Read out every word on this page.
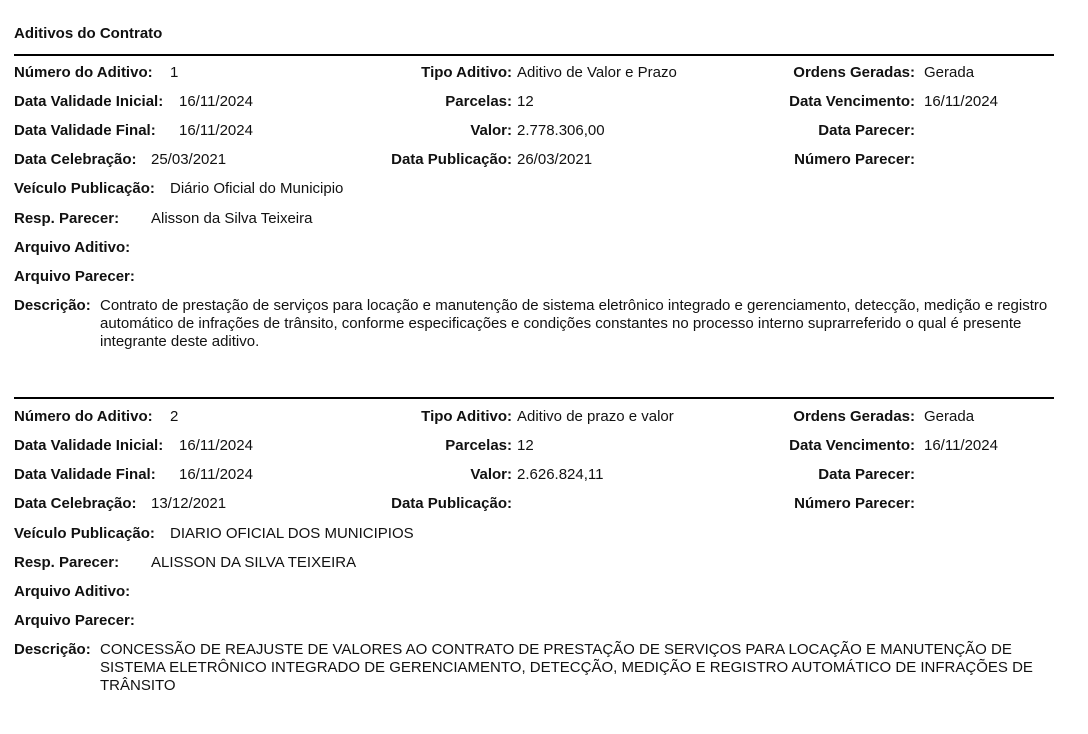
Aditivos do Contrato
Número do Aditivo: 1	Tipo Aditivo: Aditivo de Valor e Prazo	Ordens Geradas: Gerada
Data Validade Inicial: 16/11/2024	Parcelas: 12	Data Vencimento: 16/11/2024
Data Validade Final: 16/11/2024	Valor: 2.778.306,00	Data Parecer:
Data Celebração: 25/03/2021	Data Publicação: 26/03/2021	Número Parecer:
Veículo Publicação: Diário Oficial do Municipio
Resp. Parecer: Alisson da Silva Teixeira
Arquivo Aditivo:
Arquivo Parecer:
Descrição: Contrato de prestação de serviços para locação e manutenção de sistema eletrônico integrado e gerenciamento, detecção, medição e registro automático de infrações de trânsito, conforme especificações e condições constantes no processo interno suprarreferido o qual é presente integrante deste aditivo.
Número do Aditivo: 2	Tipo Aditivo: Aditivo de prazo e valor	Ordens Geradas: Gerada
Data Validade Inicial: 16/11/2024	Parcelas: 12	Data Vencimento: 16/11/2024
Data Validade Final: 16/11/2024	Valor: 2.626.824,11	Data Parecer:
Data Celebração: 13/12/2021	Data Publicação:	Número Parecer:
Veículo Publicação: DIARIO OFICIAL DOS MUNICIPIOS
Resp. Parecer: ALISSON DA SILVA TEIXEIRA
Arquivo Aditivo:
Arquivo Parecer:
Descrição: CONCESSÃO DE REAJUSTE DE VALORES AO CONTRATO DE PRESTAÇÃO DE SERVIÇOS PARA LOCAÇÃO E MANUTENÇÃO DE SISTEMA ELETRÔNICO INTEGRADO DE GERENCIAMENTO, DETECÇÃO, MEDIÇÃO E REGISTRO AUTOMÁTICO DE INFRAÇÕES DE TRÂNSITO
